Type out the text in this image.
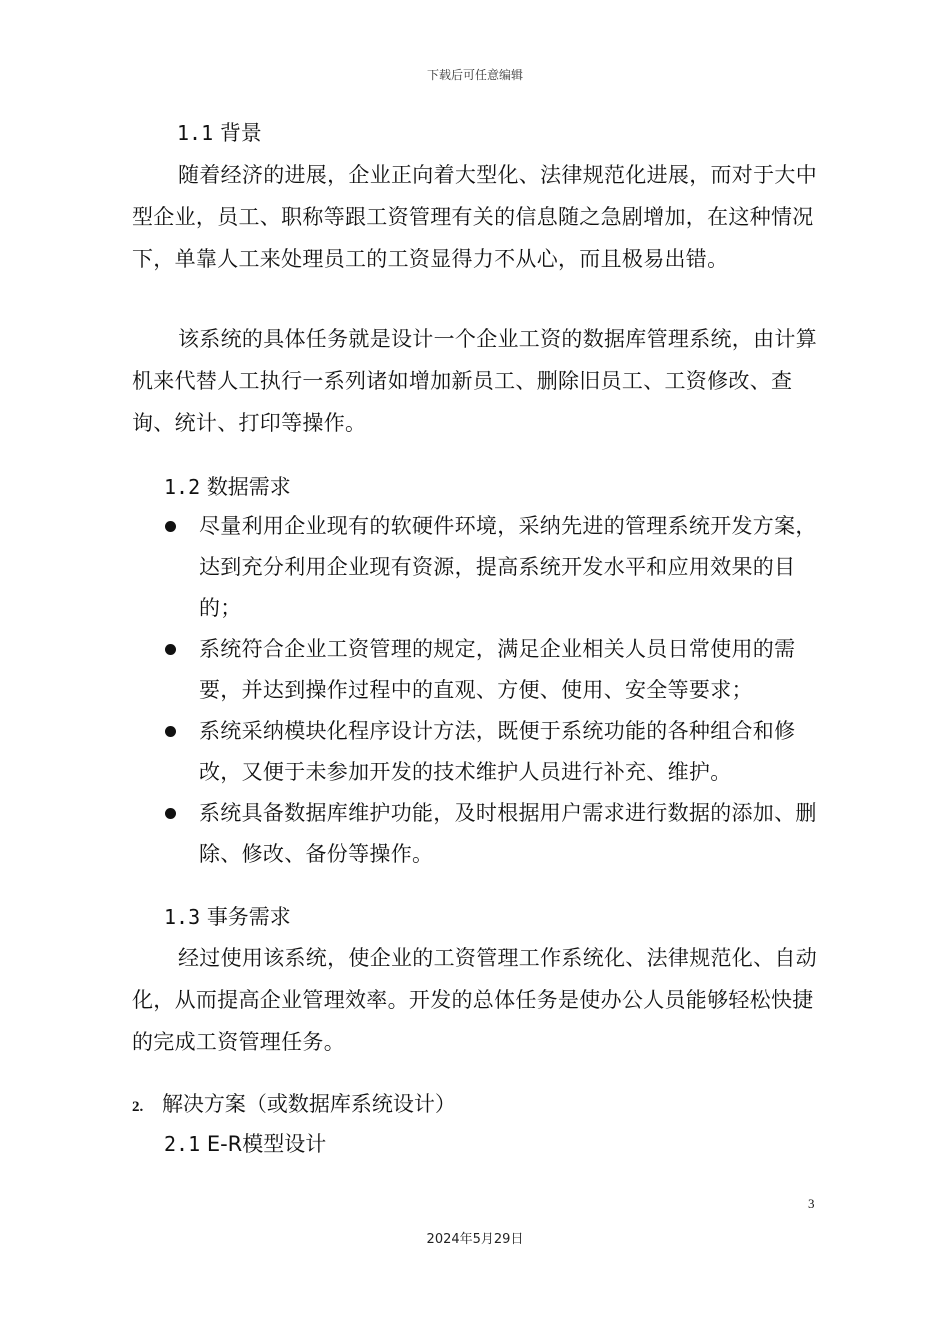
下载后可任意编辑
1.1 背景

随着经济的进展，企业正向着大型化、法律规范化进展，而对于大中型企业，员工、职称等跟工资管理有关的信息随之急剧增加，在这种情况下，单靠人工来处理员工的工资显得力不从心，而且极易出错。

该系统的具体任务就是设计一个企业工资的数据库管理系统，由计算机来代替人工执行一系列诸如增加新员工、删除旧员工、工资修改、查询、统计、打印等操作。

1.2 数据需求
尽量利用企业现有的软硬件环境，采纳先进的管理系统开发方案，达到充分利用企业现有资源，提高系统开发水平和应用效果的目的；
系统符合企业工资管理的规定，满足企业相关人员日常使用的需要，并达到操作过程中的直观、方便、使用、安全等要求；
系统采纳模块化程序设计方法，既便于系统功能的各种组合和修改，又便于未参加开发的技术维护人员进行补充、维护。
系统具备数据库维护功能，及时根据用户需求进行数据的添加、删除、修改、备份等操作。
1.3 事务需求

经过使用该系统，使企业的工资管理工作系统化、法律规范化、自动化，从而提高企业管理效率。开发的总体任务是使办公人员能够轻松快捷的完成工资管理任务。

2. 解决方案（或数据库系统设计）
2.1 E-R模型设计
3
2024年5月29日
